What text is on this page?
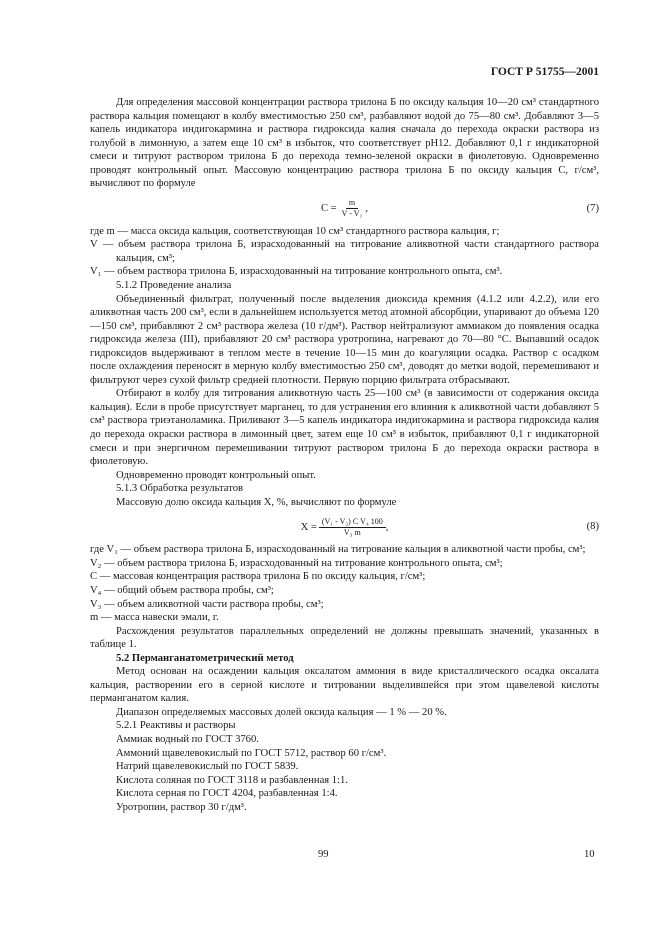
ГОСТ Р 51755—2001

Для определения массовой концентрации раствора трилона Б по оксиду кальция 10—20 см³ стандартного раствора кальция помещают в колбу вместимостью 250 см³, разбавляют водой до 75—80 см³. Добавляют 3—5 капель индикатора индигокармина и раствора гидроксида калия сначала до перехода окраски раствора из голубой в лимонную, а затем еще 10 см³ в избыток, что соответствует pH12. Добавляют 0,1 г индикаторной смеси и титруют раствором трилона Б до перехода темно-зеленой окраски в фиолетовую. Одновременно проводят контрольный опыт. Массовую концентрацию раствора трилона Б по оксиду кальция С, г/см³, вычисляют по формуле

$С = \frac{m}{\text{V - V₁}}$ ,	(7)

где m — масса оксида кальция, соответствующая 10 см³ стандартного раствора кальция, г;

V — объем раствора трилона Б, израсходованный на титрование аликвотной части стандартного раствора кальция, см³;

V₁ — объем раствора трилона Б, израсходованный на титрование контрольного опыта, см³.

5.1.2 Проведение анализа

Объединенный фильтрат, полученный после выделения диоксида кремния (4.1.2 или 4.2.2), или его аликвотная часть 200 см³, если в дальнейшем используется метод атомной абсорбции, упаривают до объема 120—150 см³, прибавляют 2 см³ раствора железа (10 г/дм³). Раствор нейтрализуют аммиаком до появления осадка гидроксида железа (III), прибавляют 20 см³ раствора уротропина, нагревают до 70—80 °С. Выпавший осадок гидроксидов выдерживают в теплом месте в течение 10—15 мин до коагуляции осадка. Раствор с осадком после охлаждения переносят в мерную колбу вместимостью 250 см³, доводят до метки водой, перемешивают и фильтруют через сухой фильтр средней плотности. Первую порцию фильтрата отбрасывают.

Отбирают в колбу для титрования аликвотную часть 25—100 см³ (в зависимости от содержания оксида кальция). Если в пробе присутствует марганец, то для устранения его влияния к аликвотной части добавляют 5 см³ раствора триэтаноламика. Приливают 3—5 капель индикатора индигокармина и раствора гидроксида калия до перехода окраски раствора в лимонный цвет, затем еще 10 см³ в избыток, прибавляют 0,1 г индикаторной смеси и при энергичном перемешивании титруют раствором трилона Б до перехода окраски раствора в фиолетовую.

Одновременно проводят контрольный опыт.

5.1.3 Обработка результатов

Массовую долю оксида кальция X, %, вычисляют по формуле

$X = \frac{\text{(V₁ - V₂) С V₄ 100}}{\text{V₃ m}}$ ,	(8)

где V₁ — объем раствора трилона Б, израсходованный на титрование кальция в аликвотной части пробы, см³;

V₂ — объем раствора трилона Б, израсходованный на титрование контрольного опыта, см³;

С — массовая концентрация раствора трилона Б по оксиду кальция, г/см³;

V₄ — общий объем раствора пробы, см³;

V₃ — объем аликвотной части раствора пробы, см³;

m — масса навески эмали, г.

Расхождения результатов параллельных определений не должны превышать значений, указанных в таблице 1.

5.2 Перманганатометрический метод

Метод основан на осаждении кальция оксалатом аммония в виде кристаллического осадка оксалата кальция, растворении его в серной кислоте и титровании выделившейся при этом щавелевой кислоты перманганатом калия.

Диапазон определяемых массовых долей оксида кальция — 1 % — 20 %.

5.2.1 Реактивы и растворы

Аммиак водный по ГОСТ 3760.

Аммоний щавелевокислый по ГОСТ 5712, раствор 60 г/см³.

Натрий щавелевокислый по ГОСТ 5839.

Кислота соляная по ГОСТ 3118 и разбавленная 1:1.

Кислота серная по ГОСТ 4204, разбавленная 1:4.

Уротропин, раствор 30 г/дм³.

99	10
